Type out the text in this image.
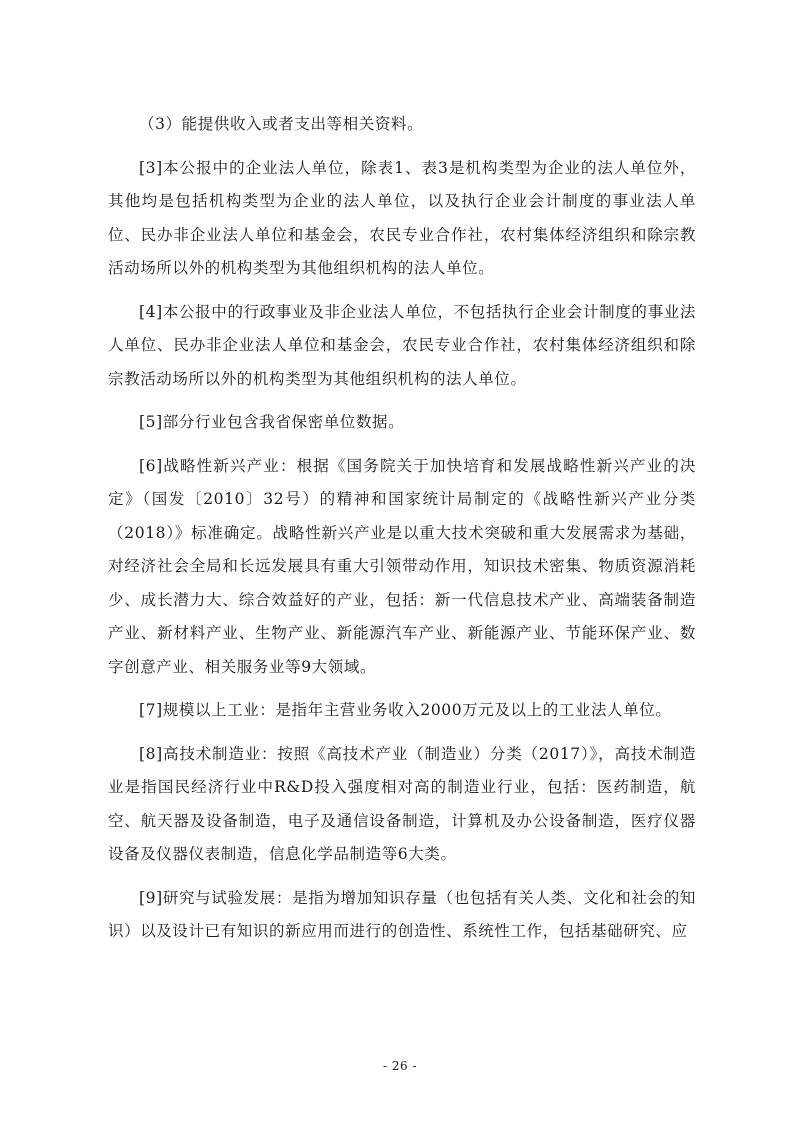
（3）能提供收入或者支出等相关资料。

[3]本公报中的企业法人单位，除表1、表3是机构类型为企业的法人单位外，其他均是包括机构类型为企业的法人单位，以及执行企业会计制度的事业法人单位、民办非企业法人单位和基金会，农民专业合作社，农村集体经济组织和除宗教活动场所以外的机构类型为其他组织机构的法人单位。

[4]本公报中的行政事业及非企业法人单位，不包括执行企业会计制度的事业法人单位、民办非企业法人单位和基金会，农民专业合作社，农村集体经济组织和除宗教活动场所以外的机构类型为其他组织机构的法人单位。

[5]部分行业包含我省保密单位数据。

[6]战略性新兴产业：根据《国务院关于加快培育和发展战略性新兴产业的决定》（国发〔2010〕32号）的精神和国家统计局制定的《战略性新兴产业分类（2018）》标准确定。战略性新兴产业是以重大技术突破和重大发展需求为基础，对经济社会全局和长远发展具有重大引领带动作用，知识技术密集、物质资源消耗少、成长潜力大、综合效益好的产业，包括：新一代信息技术产业、高端装备制造产业、新材料产业、生物产业、新能源汽车产业、新能源产业、节能环保产业、数字创意产业、相关服务业等9大领域。

[7]规模以上工业：是指年主营业务收入2000万元及以上的工业法人单位。

[8]高技术制造业：按照《高技术产业（制造业）分类（2017）》，高技术制造业是指国民经济行业中R&D投入强度相对高的制造业行业，包括：医药制造，航空、航天器及设备制造，电子及通信设备制造，计算机及办公设备制造，医疗仪器设备及仪器仪表制造，信息化学品制造等6大类。

[9]研究与试验发展：是指为增加知识存量（也包括有关人类、文化和社会的知识）以及设计已有知识的新应用而进行的创造性、系统性工作，包括基础研究、应

- 26 -
